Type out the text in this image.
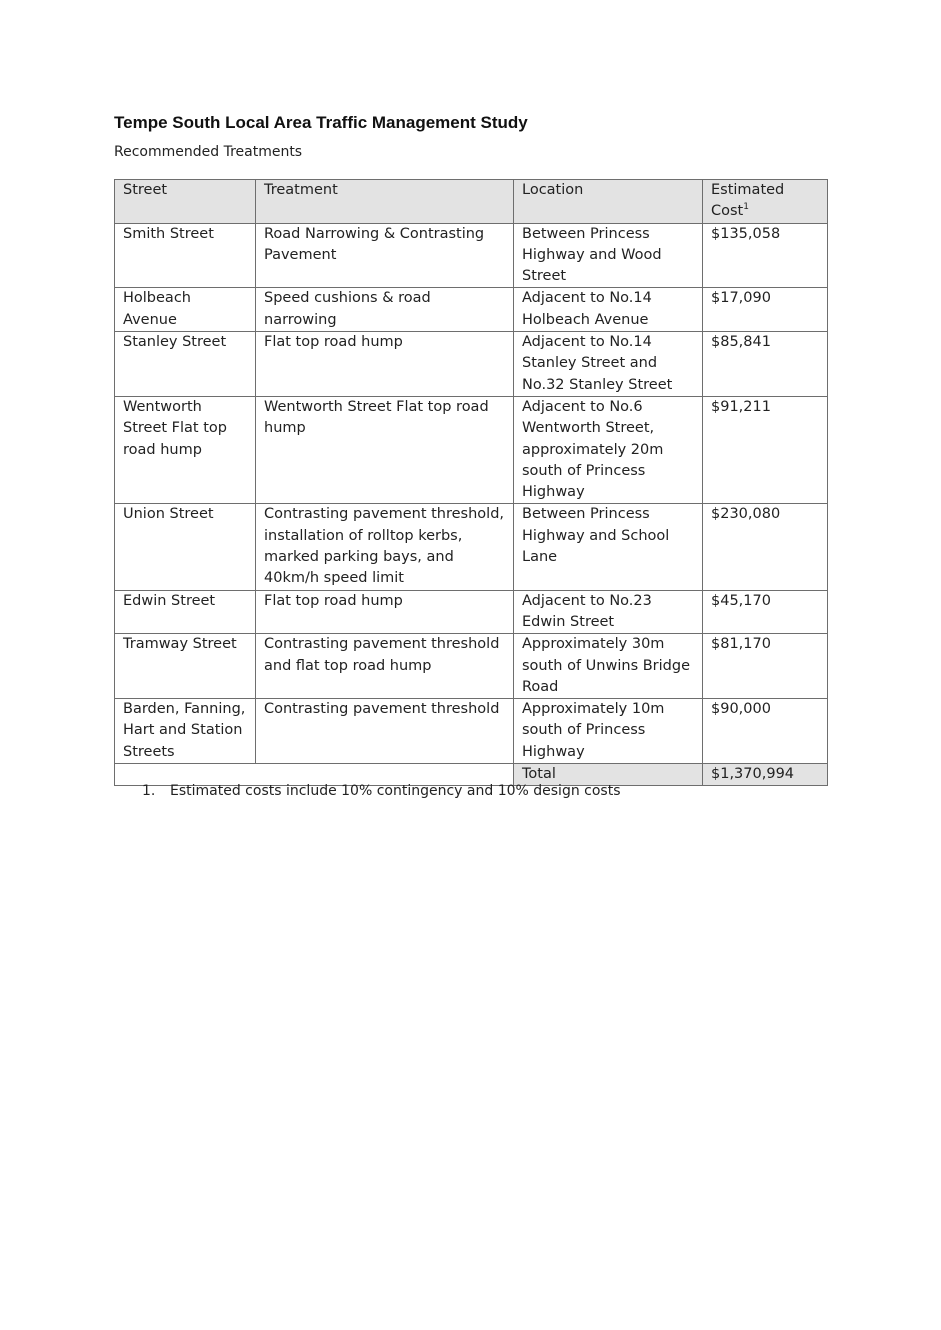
Tempe South Local Area Traffic Management Study
Recommended Treatments
Street	Treatment	Location	Estimated Cost$^1$
Smith Street	Road Narrowing & Contrasting Pavement	Between Princess Highway and Wood Street	$135,058
Holbeach Avenue	Speed cushions & road narrowing	Adjacent to No.14 Holbeach Avenue	$17,090
Stanley Street	Flat top road hump	Adjacent to No.14 Stanley Street and No.32 Stanley Street	$85,841
Wentworth Street Flat top road hump	Wentworth Street Flat top road hump	Adjacent to No.6 Wentworth Street, approximately 20m south of Princess Highway	$91,211
Union Street	Contrasting pavement threshold, installation of rolltop kerbs, marked parking bays, and 40km/h speed limit	Between Princess Highway and School Lane	$230,080
Edwin Street	Flat top road hump	Adjacent to No.23 Edwin Street	$45,170
Tramway Street	Contrasting pavement threshold and flat top road hump	Approximately 30m south of Unwins Bridge Road	$81,170
Barden, Fanning, Hart and Station Streets	Contrasting pavement threshold	Approximately 10m south of Princess Highway	$90,000
		Total	$1,370,994
1. Estimated costs include 10% contingency and 10% design costs
